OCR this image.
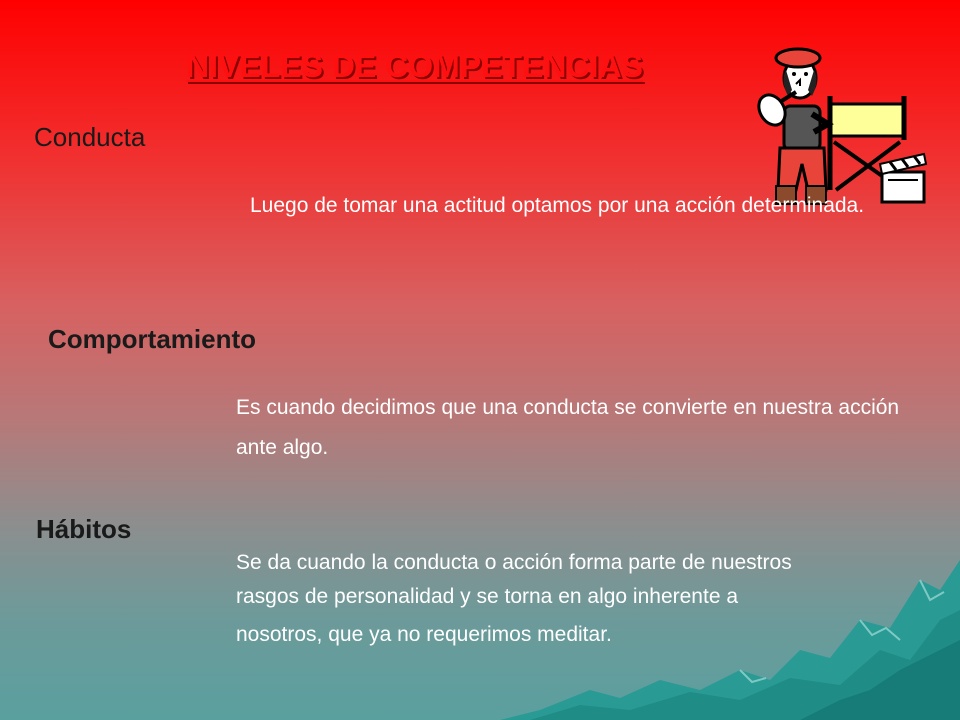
NIVELES DE COMPETENCIAS
Conducta
Luego de tomar una actitud optamos por una acción determinada.
Comportamiento
Es cuando decidimos que una conducta se convierte en nuestra acción ante algo.
Hábitos
Se da cuando la conducta o acción forma parte de nuestros
rasgos de personalidad y se torna en algo inherente a
nosotros, que ya no requerimos meditar.
